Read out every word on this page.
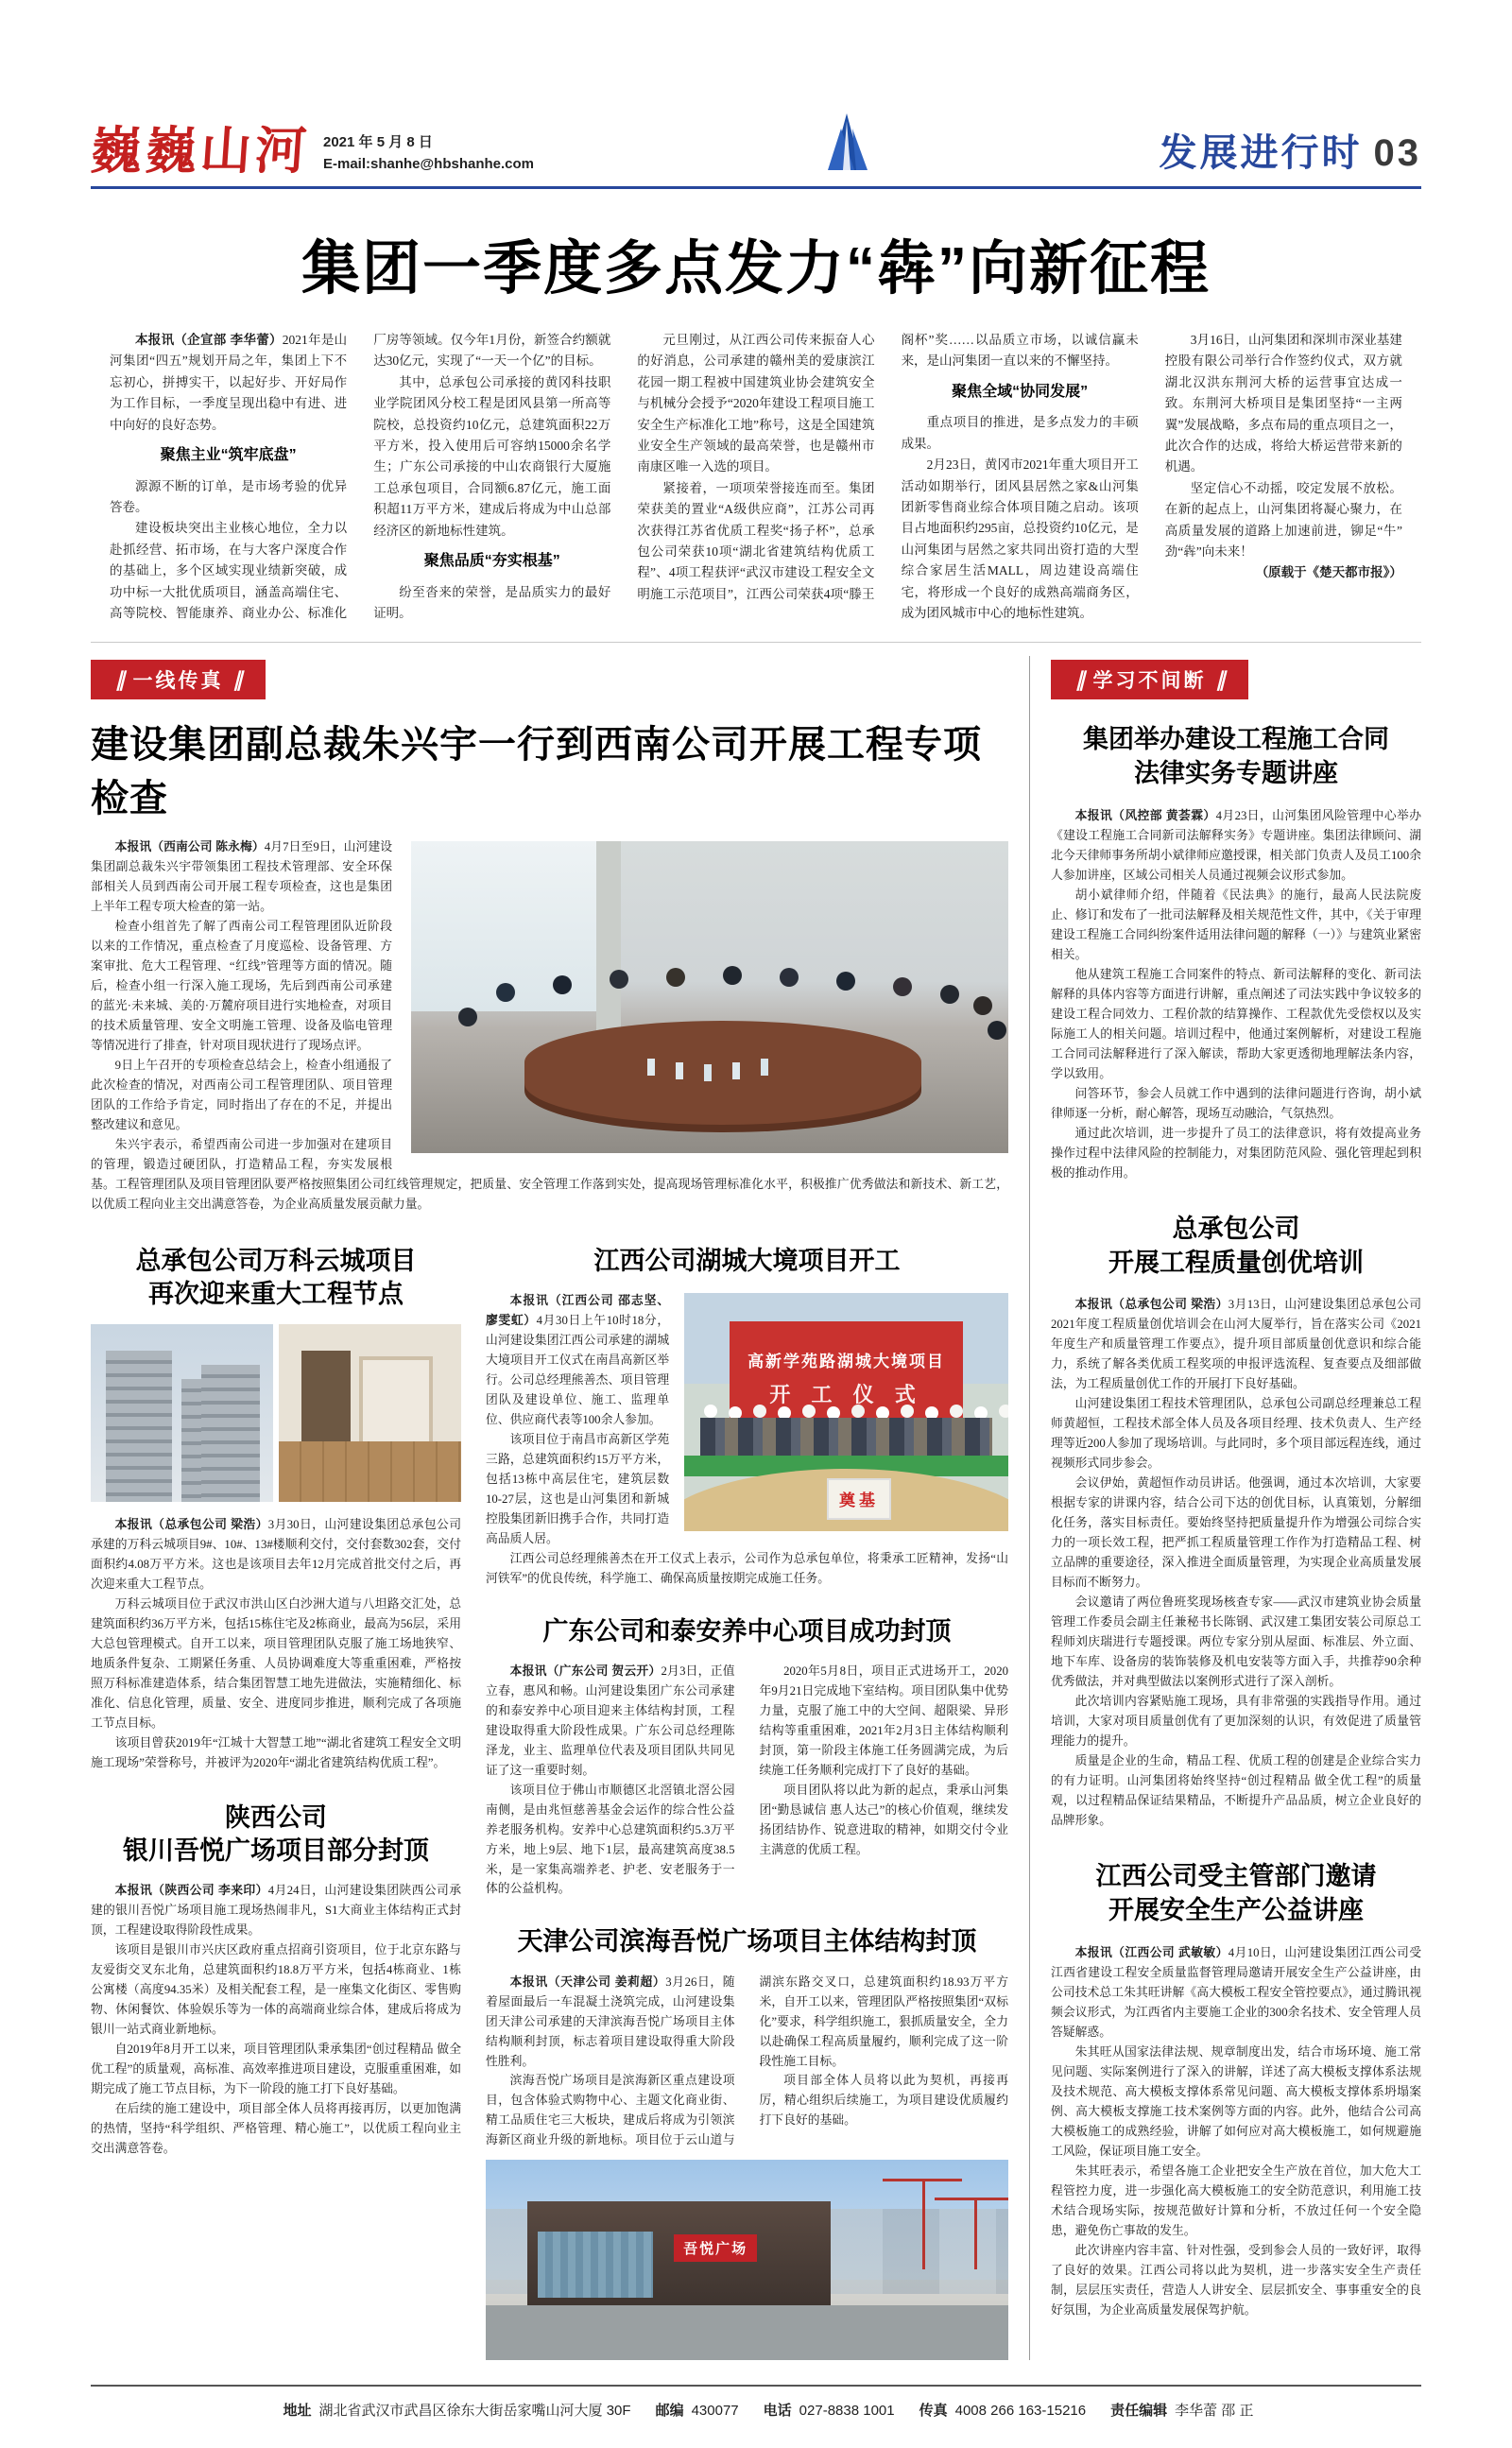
巍巍山河 2021 年 5 月 8 日
E-mail:shanhe@hbshanhe.com	发展进行时 03
集团一季度多点发力“犇”向新征程

本报讯（企宣部 李华蕾）2021年是山河集团“四五”规划开局之年，集团上下不忘初心，拼搏实干，以起好步、开好局作为工作目标，一季度呈现出稳中有进、进中向好的良好态势。

聚焦主业“筑牢底盘”

源源不断的订单，是市场考验的优异答卷。

建设板块突出主业核心地位，全力以赴抓经营、拓市场，在与大客户深度合作的基础上，多个区域实现业绩新突破，成功中标一大批优质项目，涵盖高端住宅、高等院校、智能康养、商业办公、标准化厂房等领域。仅今年1月份，新签合约额就达30亿元，实现了“一天一个亿”的目标。

其中，总承包公司承接的黄冈科技职业学院团风分校工程是团风县第一所高等院校，总投资约10亿元，总建筑面积22万平方米，投入使用后可容纳15000余名学生；广东公司承接的中山农商银行大厦施工总承包项目，合同额6.87亿元，施工面积超11万平方米，建成后将成为中山总部经济区的新地标性建筑。

聚焦品质“夯实根基”

纷至沓来的荣誉，是品质实力的最好证明。

元旦刚过，从江西公司传来振奋人心的好消息，公司承建的赣州美的爱康滨江花园一期工程被中国建筑业协会建筑安全与机械分会授予“2020年建设工程项目施工安全生产标准化工地”称号，这是全国建筑业安全生产领域的最高荣誉，也是赣州市南康区唯一入选的项目。

紧接着，一项项荣誉接连而至。集团荣获美的置业“A级供应商”，江苏公司再次获得江苏省优质工程奖“扬子杯”，总承包公司荣获10项“湖北省建筑结构优质工程”、4项工程获评“武汉市建设工程安全文明施工示范项目”，江西公司荣获4项“滕王阁杯”奖……以品质立市场，以诚信赢未来，是山河集团一直以来的不懈坚持。

聚焦全域“协同发展”

重点项目的推进，是多点发力的丰硕成果。

2月23日，黄冈市2021年重大项目开工活动如期举行，团风县居然之家&山河集团新零售商业综合体项目随之启动。该项目占地面积约295亩，总投资约10亿元，是山河集团与居然之家共同出资打造的大型综合家居生活MALL，周边建设高端住宅，将形成一个良好的成熟高端商务区，成为团风城市中心的地标性建筑。

3月16日，山河集团和深圳市深业基建控股有限公司举行合作签约仪式，双方就湖北汉洪东荆河大桥的运营事宜达成一致。东荆河大桥项目是集团坚持“一主两翼”发展战略，多点布局的重点项目之一，此次合作的达成，将给大桥运营带来新的机遇。

坚定信心不动摇，咬定发展不放松。在新的起点上，山河集团将凝心聚力，在高质量发展的道路上加速前进，铆足“牛”劲“犇”向未来！

（原载于《楚天都市报》）

∥ 一线传真 ∥
建设集团副总裁朱兴宇一行到西南公司开展工程专项检查

本报讯（西南公司 陈永梅）4月7日至9日，山河建设集团副总裁朱兴宇带领集团工程技术管理部、安全环保部相关人员到西南公司开展工程专项检查，这也是集团上半年工程专项大检查的第一站。

检查小组首先了解了西南公司工程管理团队近阶段以来的工作情况，重点检查了月度巡检、设备管理、方案审批、危大工程管理、“红线”管理等方面的情况。随后，检查小组一行深入施工现场，先后到西南公司承建的蓝光·未来城、美的·万麓府项目进行实地检查，对项目的技术质量管理、安全文明施工管理、设备及临电管理等情况进行了排查，针对项目现状进行了现场点评。

9日上午召开的专项检查总结会上，检查小组通报了此次检查的情况，对西南公司工程管理团队、项目管理团队的工作给予肯定，同时指出了存在的不足，并提出整改建议和意见。

朱兴宇表示，希望西南公司进一步加强对在建项目的管理，锻造过硬团队，打造精品工程，夯实发展根基。工程管理团队及项目管理团队要严格按照集团公司红线管理规定，把质量、安全管理工作落到实处，提高现场管理标准化水平，积极推广优秀做法和新技术、新工艺，以优质工程向业主交出满意答卷，为企业高质量发展贡献力量。

总承包公司万科云城项目
再次迎来重大工程节点

本报讯（总承包公司 梁浩）3月30日，山河建设集团总承包公司承建的万科云城项目9#、10#、13#楼顺利交付，交付套数302套，交付面积约4.08万平方米。这也是该项目去年12月完成首批交付之后，再次迎来重大工程节点。

万科云城项目位于武汉市洪山区白沙洲大道与八坦路交汇处，总建筑面积约36万平方米，包括15栋住宅及2栋商业，最高为56层，采用大总包管理模式。自开工以来，项目管理团队克服了施工场地狭窄、地质条件复杂、工期紧任务重、人员协调难度大等重重困难，严格按照万科标准建造体系，结合集团智慧工地先进做法，实施精细化、标准化、信息化管理，质量、安全、进度同步推进，顺利完成了各项施工节点目标。

该项目曾获2019年“江城十大智慧工地”“湖北省建筑工程安全文明施工现场”荣誉称号，并被评为2020年“湖北省建筑结构优质工程”。

陕西公司
银川吾悦广场项目部分封顶

本报讯（陕西公司 李来印）4月24日，山河建设集团陕西公司承建的银川吾悦广场项目施工现场热闹非凡，S1大商业主体结构正式封顶，工程建设取得阶段性成果。

该项目是银川市兴庆区政府重点招商引资项目，位于北京东路与友爱街交叉东北角，总建筑面积约18.8万平方米，包括4栋商业、1栋公寓楼（高度94.35米）及相关配套工程，是一座集文化街区、零售购物、休闲餐饮、体验娱乐等为一体的高端商业综合体，建成后将成为银川一站式商业新地标。

自2019年8月开工以来，项目管理团队秉承集团“创过程精品 做全优工程”的质量观，高标准、高效率推进项目建设，克服重重困难，如期完成了施工节点目标，为下一阶段的施工打下良好基础。

在后续的施工建设中，项目部全体人员将再接再厉，以更加饱满的热情，坚持“科学组织、严格管理、精心施工”，以优质工程向业主交出满意答卷。

江西公司湖城大境项目开工
高新学苑路湖城大境项目
开 工 仪 式
奠基

本报讯（江西公司 邵志坚、廖雯虹）4月30日上午10时18分，山河建设集团江西公司承建的湖城大境项目开工仪式在南昌高新区举行。公司总经理熊善杰、项目管理团队及建设单位、施工、监理单位、供应商代表等100余人参加。

该项目位于南昌市高新区学苑三路，总建筑面积约15万平方米，包括13栋中高层住宅，建筑层数10-27层，这也是山河集团和新城控股集团新旧携手合作，共同打造高品质人居。

江西公司总经理熊善杰在开工仪式上表示，公司作为总承包单位，将秉承工匠精神，发扬“山河铁军”的优良传统，科学施工、确保高质量按期完成施工任务。

广东公司和泰安养中心项目成功封顶

本报讯（广东公司 贺云开）2月3日，正值立春，惠风和畅。山河建设集团广东公司承建的和泰安养中心项目迎来主体结构封顶，工程建设取得重大阶段性成果。广东公司总经理陈泽龙，业主、监理单位代表及项目团队共同见证了这一重要时刻。

该项目位于佛山市顺德区北滘镇北滘公园南侧，是由兆恒慈善基金会运作的综合性公益养老服务机构。安养中心总建筑面积约5.3万平方米，地上9层、地下1层，最高建筑高度38.5米，是一家集高端养老、护老、安老服务于一体的公益机构。

2020年5月8日，项目正式进场开工，2020年9月21日完成地下室结构。项目团队集中优势力量，克服了施工中的大空间、超限梁、异形结构等重重困难，2021年2月3日主体结构顺利封顶，第一阶段主体施工任务圆满完成，为后续施工任务顺利完成打下了良好的基础。

项目团队将以此为新的起点，秉承山河集团“勤恳诚信 惠人达己”的核心价值观，继续发扬团结协作、锐意进取的精神，如期交付令业主满意的优质工程。

天津公司滨海吾悦广场项目主体结构封顶

本报讯（天津公司 姜莉超）3月26日，随着屋面最后一车混凝土浇筑完成，山河建设集团天津公司承建的天津滨海吾悦广场项目主体结构顺利封顶，标志着项目建设取得重大阶段性胜利。

滨海吾悦广场项目是滨海新区重点建设项目，包含体验式购物中心、主题文化商业街、精工品质住宅三大板块，建成后将成为引领滨海新区商业升级的新地标。项目位于云山道与湖滨东路交叉口，总建筑面积约18.93万平方米，自开工以来，管理团队严格按照集团“双标化”要求，科学组织施工，狠抓质量安全，全力以赴确保工程高质量履约，顺利完成了这一阶段性施工目标。

项目部全体人员将以此为契机，再接再厉，精心组织后续施工，为项目建设优质履约打下良好的基础。

吾悦广场
∥ 学习不间断 ∥
集团举办建设工程施工合同
法律实务专题讲座

本报讯（风控部 黄荟霖）4月23日，山河集团风险管理中心举办《建设工程施工合同新司法解释实务》专题讲座。集团法律顾问、湖北今天律师事务所胡小斌律师应邀授课，相关部门负责人及员工100余人参加讲座，区域公司相关人员通过视频会议形式参加。

胡小斌律师介绍，伴随着《民法典》的施行，最高人民法院废止、修订和发布了一批司法解释及相关规范性文件，其中，《关于审理建设工程施工合同纠纷案件适用法律问题的解释（一）》与建筑业紧密相关。

他从建筑工程施工合同案件的特点、新司法解释的变化、新司法解释的具体内容等方面进行讲解，重点阐述了司法实践中争议较多的建设工程合同效力、工程价款的结算操作、工程款优先受偿权以及实际施工人的相关问题。培训过程中，他通过案例解析，对建设工程施工合同司法解释进行了深入解读，帮助大家更透彻地理解法条内容，学以致用。

问答环节，参会人员就工作中遇到的法律问题进行咨询，胡小斌律师逐一分析，耐心解答，现场互动融洽，气氛热烈。

通过此次培训，进一步提升了员工的法律意识，将有效提高业务操作过程中法律风险的控制能力，对集团防范风险、强化管理起到积极的推动作用。

总承包公司
开展工程质量创优培训

本报讯（总承包公司 梁浩）3月13日，山河建设集团总承包公司2021年度工程质量创优培训会在山河大厦举行，旨在落实公司《2021年度生产和质量管理工作要点》，提升项目部质量创优意识和综合能力，系统了解各类优质工程奖项的申报评选流程、复查要点及细部做法，为工程质量创优工作的开展打下良好基础。

山河建设集团工程技术管理团队，总承包公司副总经理兼总工程师黄超恒，工程技术部全体人员及各项目经理、技术负责人、生产经理等近200人参加了现场培训。与此同时，多个项目部远程连线，通过视频形式同步参会。

会议伊始，黄超恒作动员讲话。他强调，通过本次培训，大家要根据专家的讲课内容，结合公司下达的创优目标，认真策划，分解细化任务，落实目标责任。要始终坚持把质量提升作为增强公司综合实力的一项长效工程，把严抓工程质量管理工作作为打造精品工程、树立品牌的重要途径，深入推进全面质量管理，为实现企业高质量发展目标而不断努力。

会议邀请了两位鲁班奖现场核查专家——武汉市建筑业协会质量管理工作委员会副主任兼秘书长陈钢、武汉建工集团安装公司原总工程师刘庆瑞进行专题授课。两位专家分别从屋面、标准层、外立面、地下车库、设备房的装饰装修及机电安装等方面入手，共推荐90余种优秀做法，并对典型做法以案例形式进行了深入剖析。

此次培训内容紧贴施工现场，具有非常强的实践指导作用。通过培训，大家对项目质量创优有了更加深刻的认识，有效促进了质量管理能力的提升。

质量是企业的生命，精品工程、优质工程的创建是企业综合实力的有力证明。山河集团将始终坚持“创过程精品 做全优工程”的质量观，以过程精品保证结果精品，不断提升产品品质，树立企业良好的品牌形象。

江西公司受主管部门邀请
开展安全生产公益讲座

本报讯（江西公司 武敏敏）4月10日，山河建设集团江西公司受江西省建设工程安全质量监督管理局邀请开展安全生产公益讲座，由公司技术总工朱其旺讲解《高大模板工程安全管控要点》，通过腾讯视频会议形式，为江西省内主要施工企业的300余名技术、安全管理人员答疑解惑。

朱其旺从国家法律法规、规章制度出发，结合市场环境、施工常见问题、实际案例进行了深入的讲解，详述了高大模板支撑体系法规及技术规范、高大模板支撑体系常见问题、高大模板支撑体系坍塌案例、高大模板支撑施工技术案例等方面的内容。此外，他结合公司高大模板施工的成熟经验，讲解了如何应对高大模板施工，如何规避施工风险，保证项目施工安全。

朱其旺表示，希望各施工企业把安全生产放在首位，加大危大工程管控力度，进一步强化高大模板施工的安全防范意识，利用施工技术结合现场实际，按规范做好计算和分析，不放过任何一个安全隐患，避免伤亡事故的发生。

此次讲座内容丰富、针对性强，受到参会人员的一致好评，取得了良好的效果。江西公司将以此为契机，进一步落实安全生产责任制，层层压实责任，营造人人讲安全、层层抓安全、事事重安全的良好氛围，为企业高质量发展保驾护航。

地址 湖北省武汉市武昌区徐东大街岳家嘴山河大厦 30F 邮编 430077 电话 027-8838 1001 传真 4008 266 163-15216 责任编辑 李华蕾 邵 正
